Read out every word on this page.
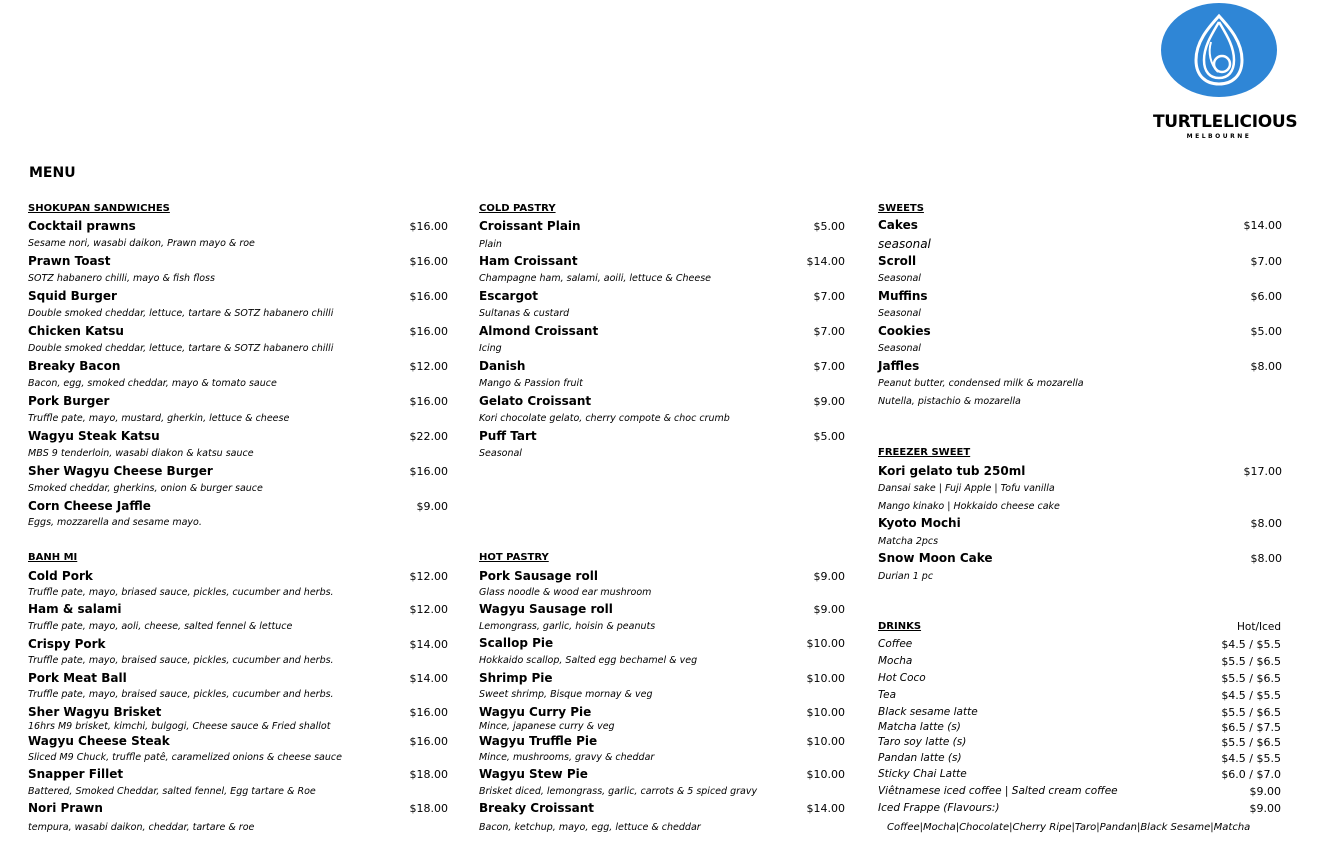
TURTLELICIOUS
MELBOURNE
MENU
SHOKUPAN SANDWICHES
Cocktail prawns	$16.00
Sesame nori, wasabi daikon, Prawn mayo & roe
Prawn Toast	$16.00
SOTZ habanero chilli, mayo & fish floss
Squid Burger	$16.00
Double smoked cheddar, lettuce, tartare & SOTZ habanero chilli
Chicken Katsu	$16.00
Double smoked cheddar, lettuce, tartare & SOTZ habanero chilli
Breaky Bacon	$12.00
Bacon, egg, smoked cheddar, mayo & tomato sauce
Pork Burger	$16.00
Truffle pate, mayo, mustard, gherkin, lettuce & cheese
Wagyu Steak Katsu	$22.00
MBS 9 tenderloin, wasabi diakon & katsu sauce
Sher Wagyu Cheese Burger	$16.00
Smoked cheddar, gherkins, onion & burger sauce
Corn Cheese Jaffle	$9.00
Eggs, mozzarella and sesame mayo.
BANH MI
Cold Pork	$12.00
Truffle pate, mayo, briased sauce, pickles, cucumber and herbs.
Ham & salami	$12.00
Truffle pate, mayo, aoli, cheese, salted fennel & lettuce
Crispy Pork	$14.00
Truffle pate, mayo, braised sauce, pickles, cucumber and herbs.
Pork Meat Ball	$14.00
Truffle pate, mayo, braised sauce, pickles, cucumber and herbs.
Sher Wagyu Brisket	$16.00
16hrs M9 brisket, kimchi, bulgogi, Cheese sauce & Fried shallot
Wagyu Cheese Steak	$16.00
Sliced M9 Chuck, truffle patê, caramelized onions & cheese sauce
Snapper Fillet	$18.00
Battered, Smoked Cheddar, salted fennel, Egg tartare & Roe
Nori Prawn	$18.00
tempura, wasabi daikon, cheddar, tartare & roe
COLD PASTRY
Croissant Plain	$5.00
Plain
Ham Croissant	$14.00
Champagne ham, salami, aoili, lettuce & Cheese
Escargot	$7.00
Sultanas & custard
Almond Croissant	$7.00
Icing
Danish	$7.00
Mango & Passion fruit
Gelato Croissant	$9.00
Kori chocolate gelato, cherry compote & choc crumb
Puff Tart	$5.00
Seasonal
HOT PASTRY
Pork Sausage roll	$9.00
Glass noodle & wood ear mushroom
Wagyu Sausage roll	$9.00
Lemongrass, garlic, hoisin & peanuts
Scallop Pie	$10.00
Hokkaido scallop, Salted egg bechamel & veg
Shrimp Pie	$10.00
Sweet shrimp, Bisque mornay & veg
Wagyu Curry Pie	$10.00
Mince, japanese curry & veg
Wagyu Truffle Pie	$10.00
Mince, mushrooms, gravy & cheddar
Wagyu Stew Pie	$10.00
Brisket diced, lemongrass, garlic, carrots & 5 spiced gravy
Breaky Croissant	$14.00
Bacon, ketchup, mayo, egg, lettuce & cheddar
SWEETS
Cakes	$14.00
seasonal
Scroll	$7.00
Seasonal
Muffins	$6.00
Seasonal
Cookies	$5.00
Seasonal
Jaffles	$8.00
Peanut butter, condensed milk & mozarella
Nutella, pistachio & mozarella
FREEZER SWEET
Kori gelato tub 250ml	$17.00
Dansai sake | Fuji Apple | Tofu vanilla
Mango kinako | Hokkaido cheese cake
Kyoto Mochi	$8.00
Matcha 2pcs
Snow Moon Cake	$8.00
Durian 1 pc
DRINKS	Hot/Iced
Coffee	$4.5 / $5.5
Mocha	$5.5 / $6.5
Hot Coco	$5.5 / $6.5
Tea	$4.5 / $5.5
Black sesame latte	$5.5 / $6.5
Matcha latte (s)	$6.5 / $7.5
Taro soy latte (s)	$5.5 / $6.5
Pandan latte (s)	$4.5 / $5.5
Sticky Chai Latte	$6.0 / $7.0
Viêtnamese iced coffee | Salted cream coffee	$9.00
Iced Frappe (Flavours:)	$9.00
Coffee|Mocha|Chocolate|Cherry Ripe|Taro|Pandan|Black Sesame|Matcha
